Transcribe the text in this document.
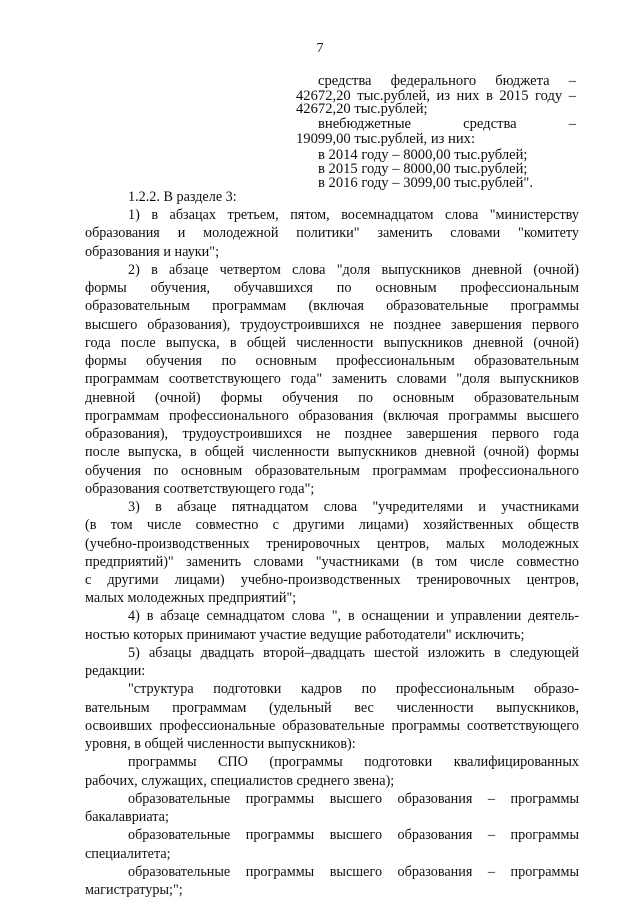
7
средства федерального бюджета –
42672,20 тыс.рублей, из них в 2015 году –
42672,20 тыс.рублей;
внебюджетные средства –
19099,00 тыс.рублей, из них:
в 2014 году – 8000,00 тыс.рублей;
в 2015 году – 8000,00 тыс.рублей;
в 2016 году – 3099,00 тыс.рублей".
1.2.2. В разделе 3:
1) в абзацах третьем, пятом, восемнадцатом слова "министерству
образования и молодежной политики" заменить словами "комитету
образования и науки";
2) в абзаце четвертом слова "доля выпускников дневной (очной)
формы обучения, обучавшихся по основным профессиональным
образовательным программам (включая образовательные программы
высшего образования), трудоустроившихся не позднее завершения первого
года после выпуска, в общей численности выпускников дневной (очной)
формы обучения по основным профессиональным образовательным
программам соответствующего года" заменить словами "доля выпускников
дневной (очной) формы обучения по основным образовательным
программам профессионального образования (включая программы высшего
образования), трудоустроившихся не позднее завершения первого года
после выпуска, в общей численности выпускников дневной (очной) формы
обучения по основным образовательным программам профессионального
образования соответствующего года";
3) в абзаце пятнадцатом слова "учредителями и участниками
(в том числе совместно с другими лицами) хозяйственных обществ
(учебно-производственных тренировочных центров, малых молодежных
предприятий)" заменить словами "участниками (в том числе совместно
с другими лицами) учебно-производственных тренировочных центров,
малых молодежных предприятий";
4) в абзаце семнадцатом слова ", в оснащении и управлении деятель-
ностью которых принимают участие ведущие работодатели" исключить;
5) абзацы двадцать второй–двадцать шестой изложить в следующей
редакции:
"структура подготовки кадров по профессиональным образо-
вательным программам (удельный вес численности выпускников,
освоивших профессиональные образовательные программы соответствующего
уровня, в общей численности выпускников):
программы СПО (программы подготовки квалифицированных
рабочих, служащих, специалистов среднего звена);
образовательные программы высшего образования – программы
бакалавриата;
образовательные программы высшего образования – программы
специалитета;
образовательные программы высшего образования – программы
магистратуры;";
